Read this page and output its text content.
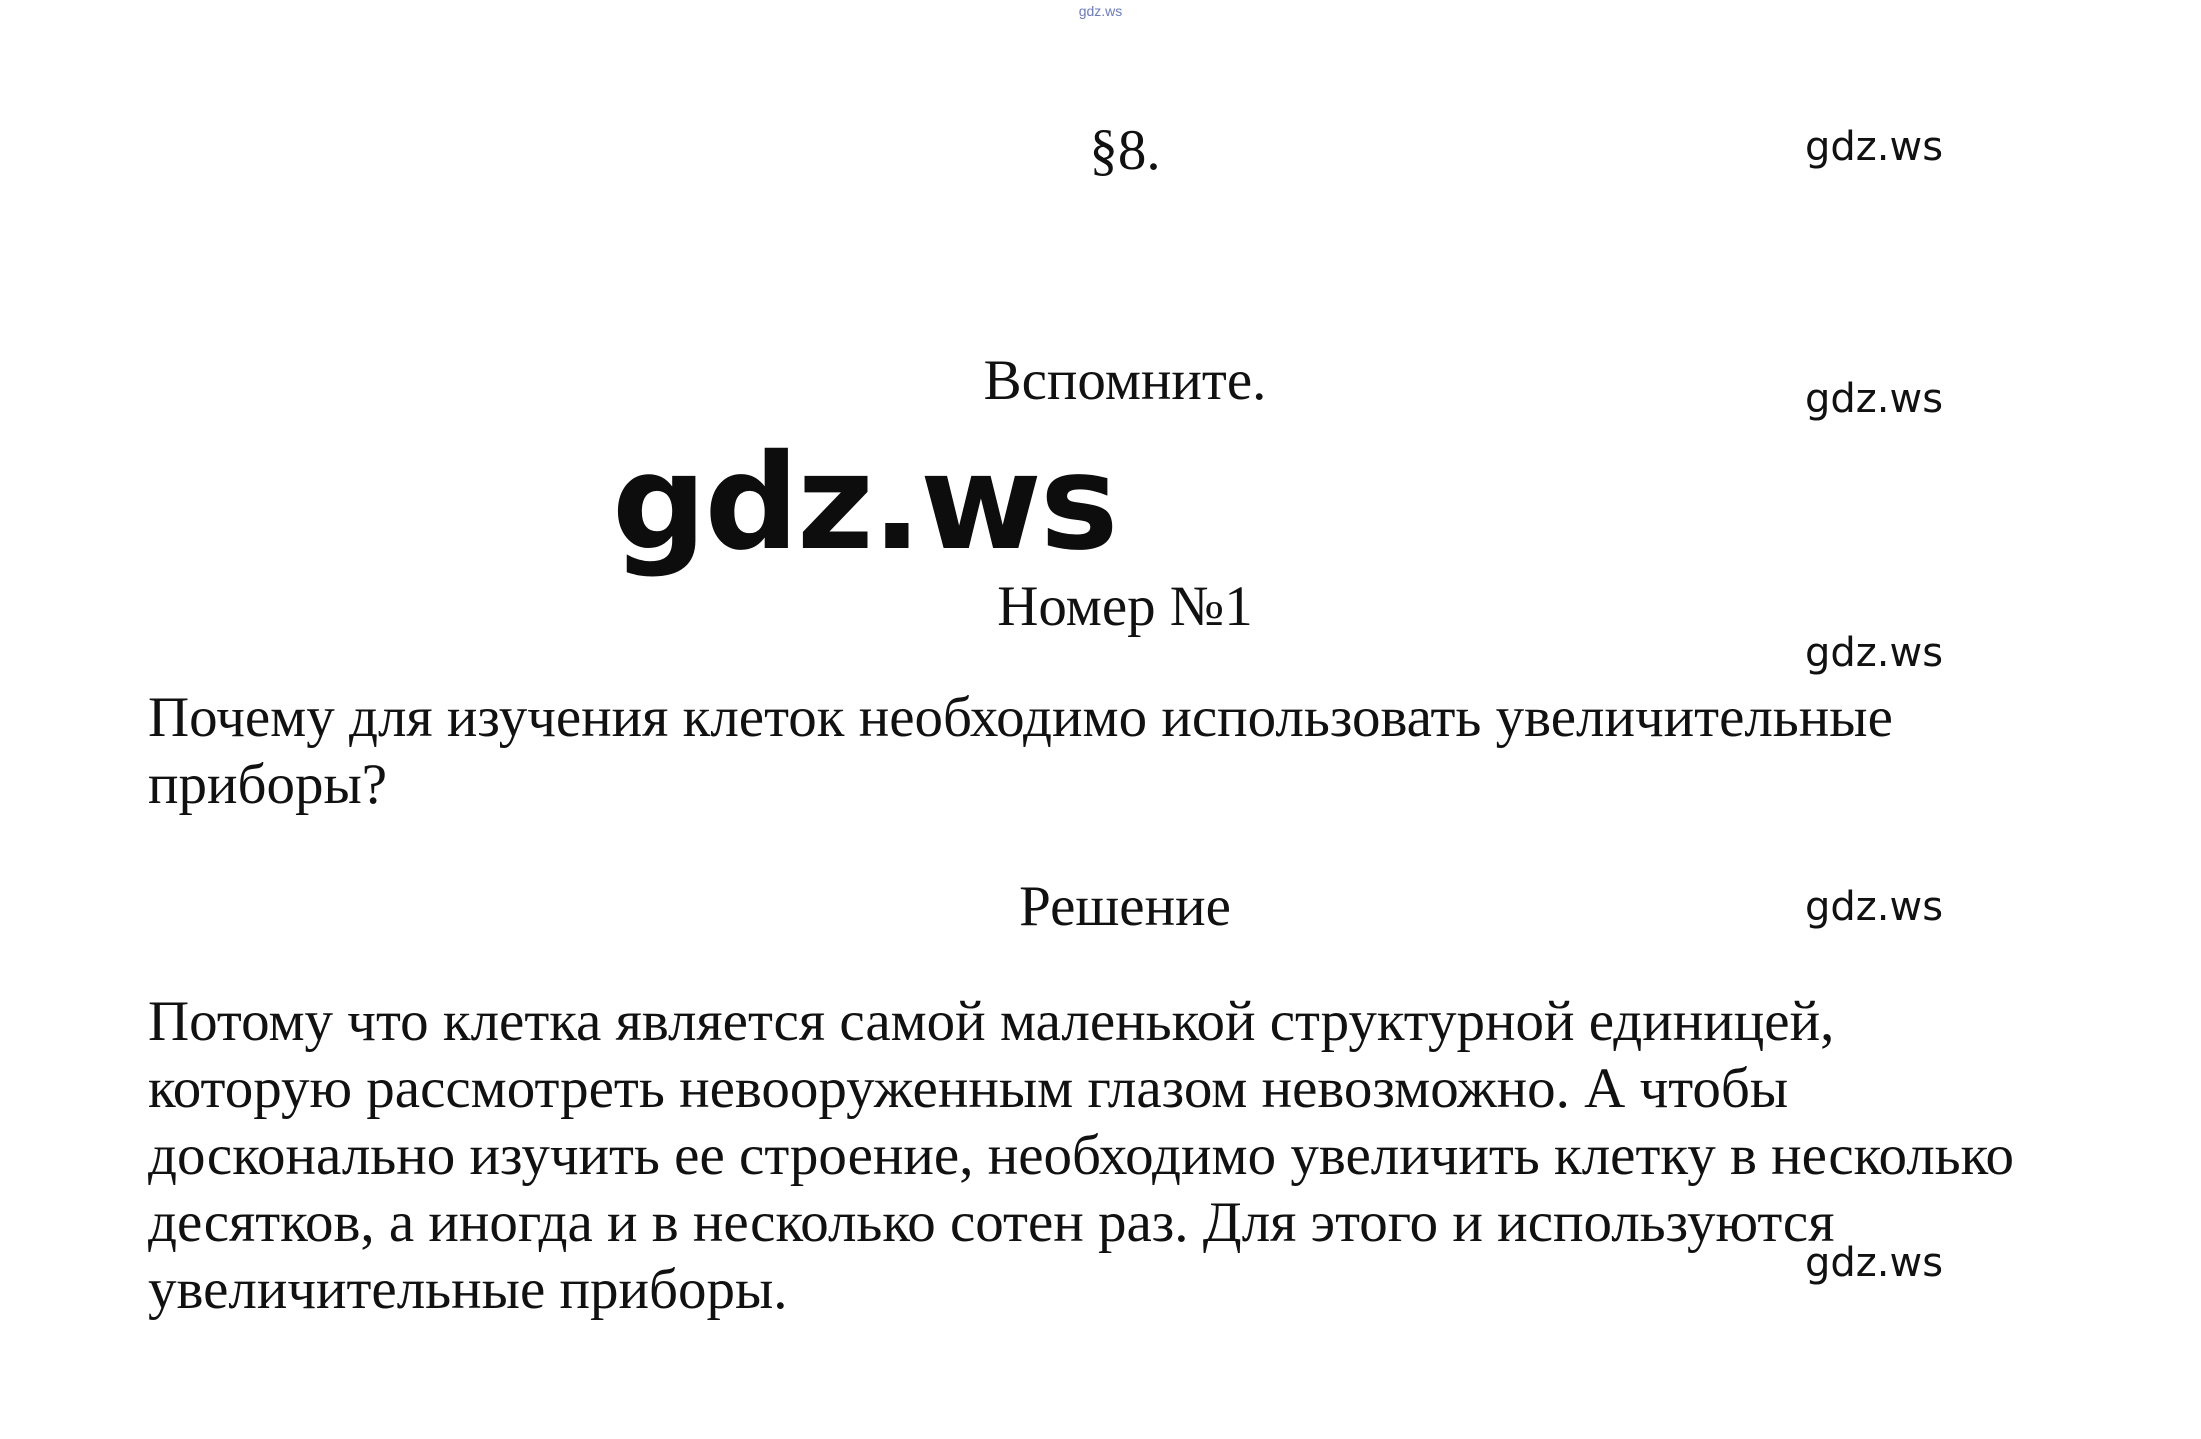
gdz.ws
§8.	gdz.ws
Вспомните.	gdz.ws
gdz.ws
Номер №1
gdz.ws

Почему для изучения клеток необходимо использовать увеличительные приборы?

Решение	gdz.ws

Потому что клетка является самой маленькой структурной единицей, которую рассмотреть невооруженным глазом невозможно. А чтобы досконально изучить ее строение, необходимо увеличить клетку в несколько десятков, а иногда и в несколько сотен раз. Для этого и используются увеличительные приборы.	gdz.ws
